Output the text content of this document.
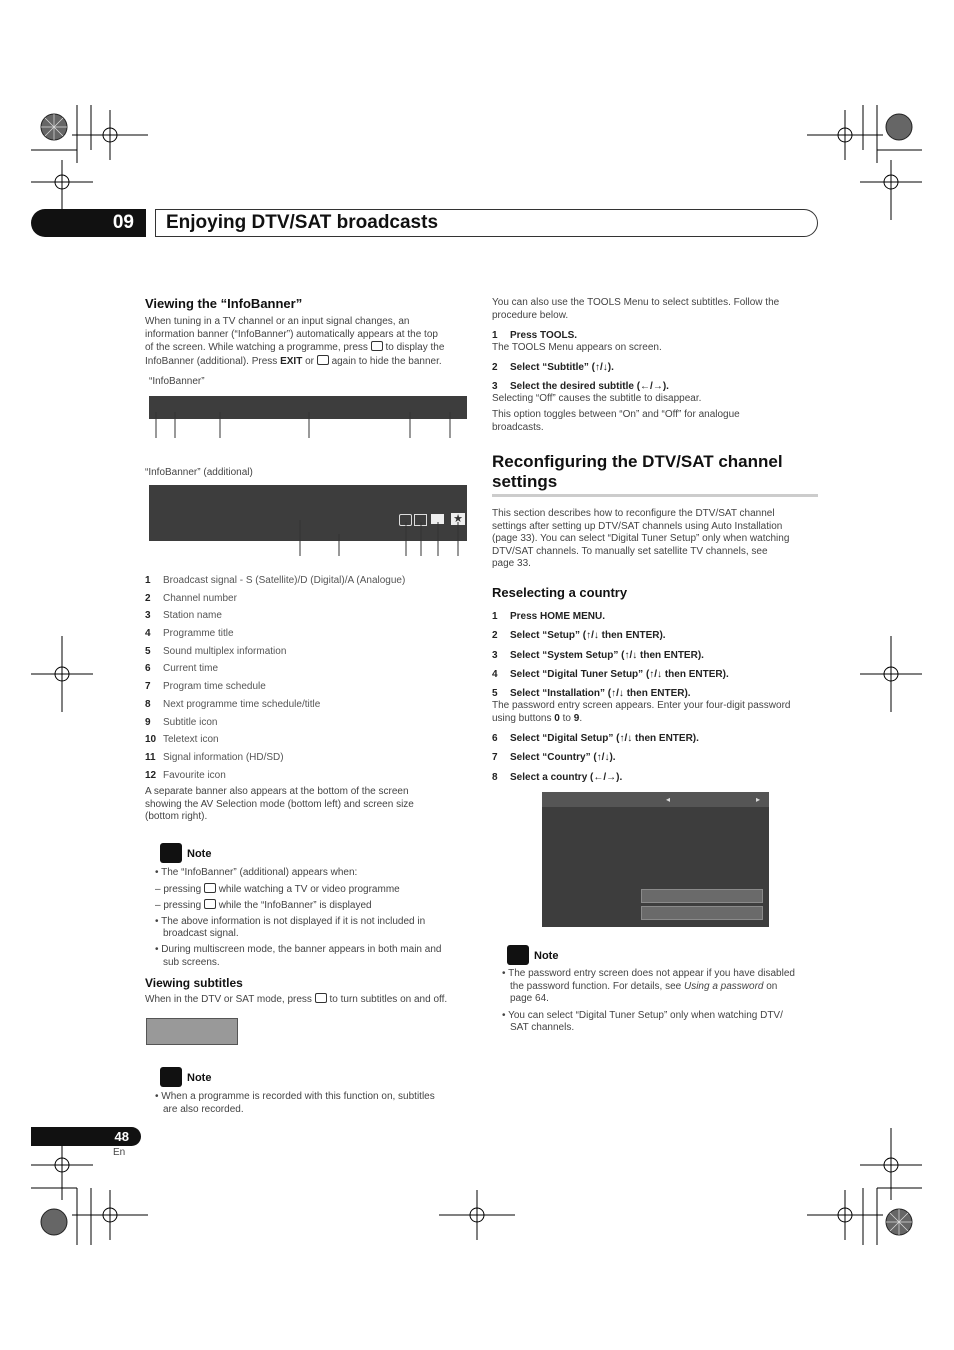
09	Enjoying DTV/SAT broadcasts
Viewing the “InfoBanner”
When tuning in a TV channel or an input signal changes, an
information banner (“InfoBanner”) automatically appears at the top
of the screen. While watching a programme, press to display the
InfoBanner (additional). Press EXIT or again to hide the banner.
“InfoBanner”
“InfoBanner” (additional)
★
1 Broadcast signal - S (Satellite)/D (Digital)/A (Analogue)
2 Channel number
3 Station name
4 Programme title
5 Sound multiplex information
6 Current time
7 Program time schedule
8 Next programme time schedule/title
9 Subtitle icon
10 Teletext icon
11 Signal information (HD/SD)
12 Favourite icon
A separate banner also appears at the bottom of the screen
showing the AV Selection mode (bottom left) and screen size
(bottom right).
Note
• The “InfoBanner” (additional) appears when:
– pressing while watching a TV or video programme
– pressing while the “InfoBanner” is displayed
• The above information is not displayed if it is not included in
broadcast signal.
• During multiscreen mode, the banner appears in both main and
sub screens.
Viewing subtitles
When in the DTV or SAT mode, press to turn subtitles on and off.
Note
• When a programme is recorded with this function on, subtitles
are also recorded.
You can also use the TOOLS Menu to select subtitles. Follow the
procedure below.
1 Press TOOLS.
The TOOLS Menu appears on screen.
2 Select “Subtitle” (↑/↓).
3 Select the desired subtitle (←/→).
Selecting “Off” causes the subtitle to disappear.
This option toggles between “On” and “Off” for analogue
broadcasts.
Reconfiguring the DTV/SAT channel
settings
This section describes how to reconfigure the DTV/SAT channel
settings after setting up DTV/SAT channels using Auto Installation
(page 33). You can select “Digital Tuner Setup” only when watching
DTV/SAT channels. To manually set satellite TV channels, see
page 33.
Reselecting a country
1 Press HOME MENU.
2 Select “Setup” (↑/↓ then ENTER).
3 Select “System Setup” (↑/↓ then ENTER).
4 Select “Digital Tuner Setup” (↑/↓ then ENTER).
5 Select “Installation” (↑/↓ then ENTER).
The password entry screen appears. Enter your four-digit password
using buttons 0 to 9.
6 Select “Digital Setup” (↑/↓ then ENTER).
7 Select “Country” (↑/↓).
8 Select a country (←/→).
◂	▸
Note
• The password entry screen does not appear if you have disabled
the password function. For details, see Using a password on
page 64.
• You can select “Digital Tuner Setup” only when watching DTV/
SAT channels.
48
En
